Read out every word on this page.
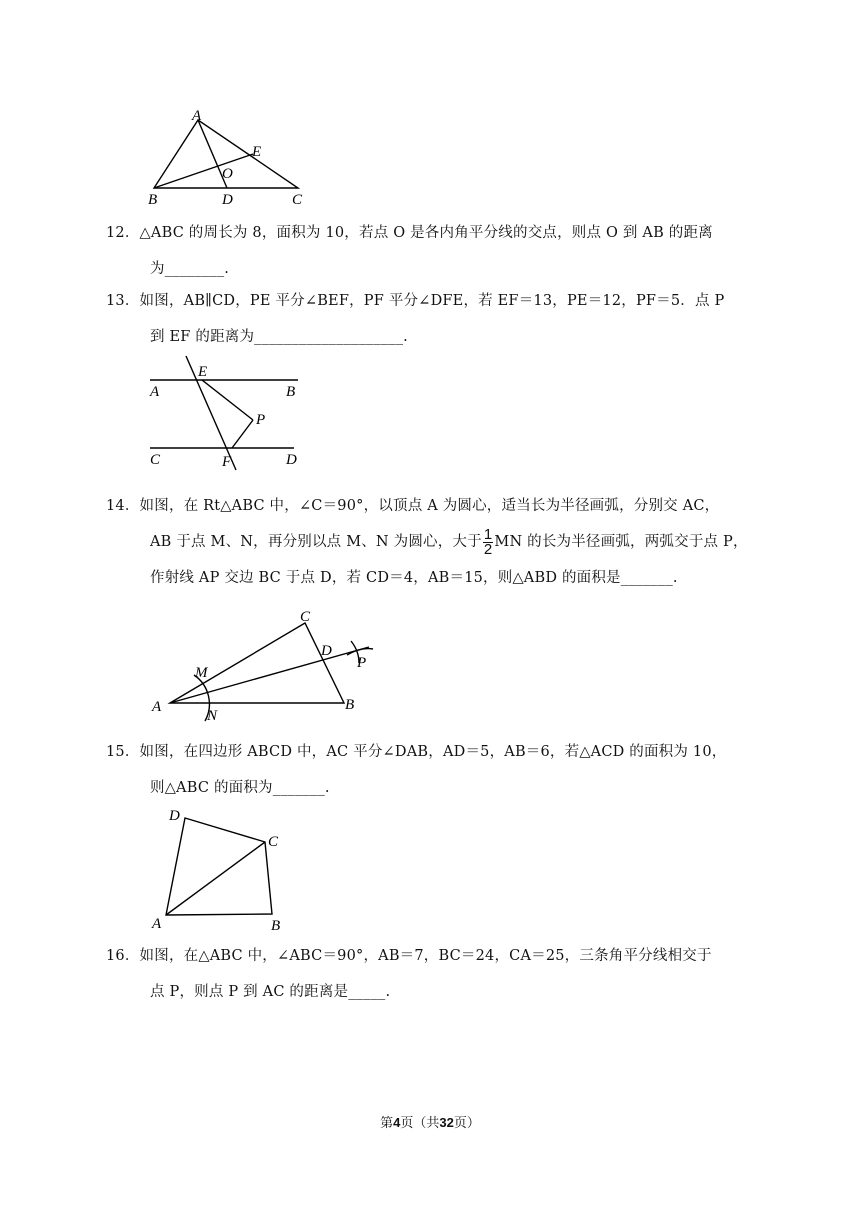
A
B	C
D
E
O
12．△ABC 的周长为 8，面积为 10，若点 O 是各内角平分线的交点，则点 O 到 AB 的距离
为________.
13．如图，AB∥CD，PE 平分∠BEF，PF 平分∠DFE，若 EF＝13，PE＝12，PF＝5．点 P
到 EF 的距离为____________________.
E
A	B
P
C	F	D
14．如图，在 Rt△ABC 中，∠C＝90°，以顶点 A 为圆心，适当长为半径画弧，分别交 AC，
AB 于点 M、N，再分别以点 M、N 为圆心，大于 $\frac{1}{2}$ MN 的长为半径画弧，两弧交于点 P，
作射线 AP 交边 BC 于点 D，若 CD＝4，AB＝15，则△ABD 的面积是_______.
C
D
M
P
A
N
B
15．如图，在四边形 ABCD 中，AC 平分∠DAB，AD＝5，AB＝6，若△ACD 的面积为 10，
则△ABC 的面积为_______.
D
C
A	B
16．如图，在△ABC 中，∠ABC＝90°，AB＝7，BC＝24，CA＝25，三条角平分线相交于
点 P，则点 P 到 AC 的距离是_____.
第4页（共32页）
